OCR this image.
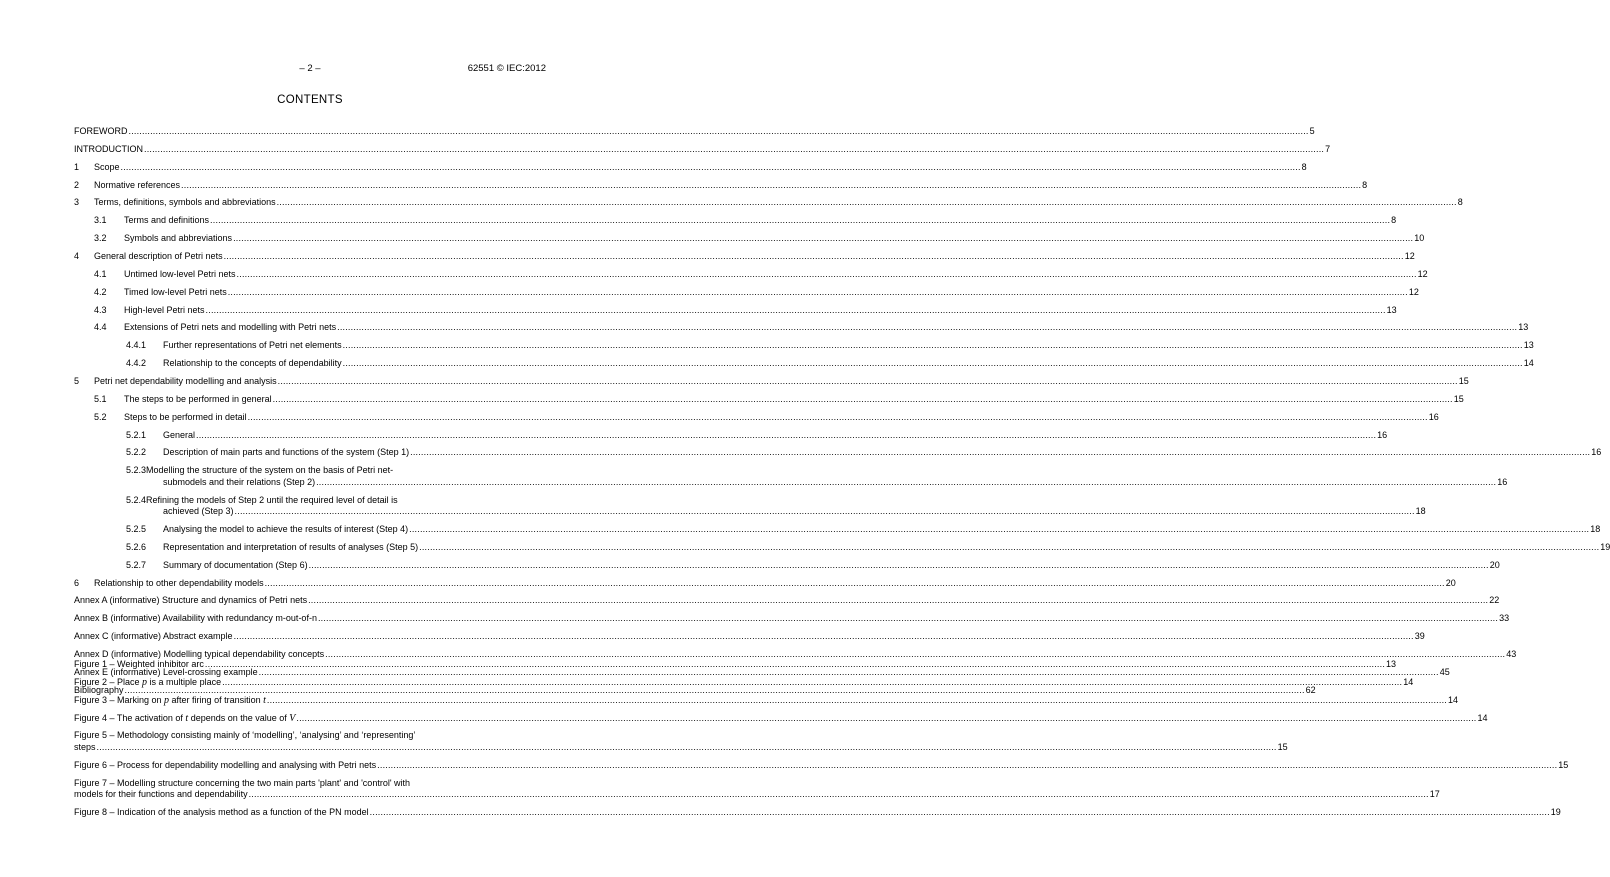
– 2 –	62551 © IEC:2012
CONTENTS
FOREWORD .....	5
INTRODUCTION .....	7
1	Scope .....	8
2	Normative references .....	8
3	Terms, definitions, symbols and abbreviations .....	8
3.1	Terms and definitions .....	8
3.2	Symbols and abbreviations .....	10
4	General description of Petri nets .....	12
4.1	Untimed low-level Petri nets .....	12
4.2	Timed low-level Petri nets .....	12
4.3	High-level Petri nets .....	13
4.4	Extensions of Petri nets and modelling with Petri nets .....	13
4.4.1	Further representations of Petri net elements .....	13
4.4.2	Relationship to the concepts of dependability .....	14
5	Petri net dependability modelling and analysis .....	15
5.1	The steps to be performed in general .....	15
5.2	Steps to be performed in detail .....	16
5.2.1	General .....	16
5.2.2	Description of main parts and functions of the system (Step 1) .....	16
5.2.3Modelling the structure of the system on the basis of Petri net-
submodels and their relations (Step 2) .....	16
5.2.4Refining the models of Step 2 until the required level of detail is
achieved (Step 3) .....	18
5.2.5	Analysing the model to achieve the results of interest (Step 4) .....	18
5.2.6	Representation and interpretation of results of analyses (Step 5) .....	19
5.2.7	Summary of documentation (Step 6) .....	20
6	Relationship to other dependability models .....	20
Annex A (informative) Structure and dynamics of Petri nets .....	22
Annex B (informative) Availability with redundancy m-out-of-n .....	33
Annex C (informative) Abstract example .....	39
Annex D (informative) Modelling typical dependability concepts .....	43
Annex E (informative) Level-crossing example .....	45
Bibliography .....	62
Figure 1 – Weighted inhibitor arc .....	13
Figure 2 – Place p is a multiple place .....	14
Figure 3 – Marking on p after firing of transition t .....	14
Figure 4 – The activation of t depends on the value of V .....	14
Figure 5 – Methodology consisting mainly of ‘modelling’, ‘analysing’ and ‘representing’
steps .....	15
Figure 6 – Process for dependability modelling and analysing with Petri nets .....	15
Figure 7 – Modelling structure concerning the two main parts 'plant' and 'control' with
models for their functions and dependability .....	17
Figure 8 – Indication of the analysis method as a function of the PN model .....	19
